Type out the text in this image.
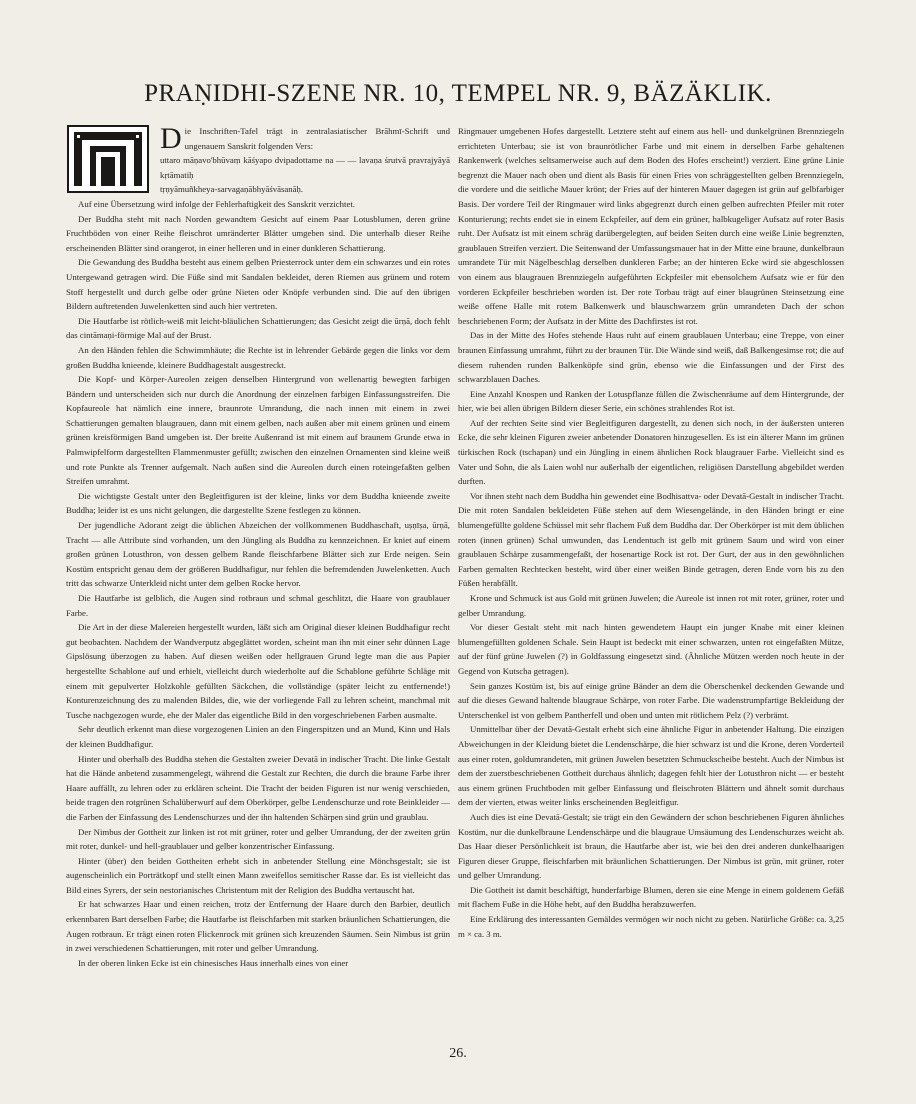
PRAṆIDHI-SZENE NR. 10, TEMPEL NR. 9, BÄZÄKLIK.
D ie Inschriften-Tafel trägt in zentralasiatischer Brāhmī-Schrift und ungenauem Sanskrit folgenden Vers:

uttaro māṇavo'bhūvaṃ kāśyapo dvipadottame na — — lavaṇa śrutvā pravrajyāyā kṛtāmatiḥ

tṛṇyāmuñkheya-sarvagaṇābhyāśvāsanāḥ.

Auf eine Übersetzung wird infolge der Fehlerhaftigkeit des Sanskrit verzichtet.

Der Buddha steht mit nach Norden gewandtem Gesicht auf einem Paar Lotusblumen, deren grüne Fruchtböden von einer Reihe fleischrot umränderter Blätter umgeben sind. Die unterhalb dieser Reihe erscheinenden Blätter sind orangerot, in einer helleren und in einer dunkleren Schattierung.

Die Gewandung des Buddha besteht aus einem gelben Priesterrock unter dem ein schwarzes und ein rotes Untergewand getragen wird. Die Füße sind mit Sandalen bekleidet, deren Riemen aus grünem und rotem Stoff hergestellt und durch gelbe oder grüne Nieten oder Knöpfe verbunden sind. Die auf den übrigen Bildern auftretenden Juwelenketten sind auch hier vertreten.

Die Hautfarbe ist rötlich-weiß mit leicht-bläulichen Schattierungen; das Gesicht zeigt die ūrṇā, doch fehlt das cintāmaṇi-förmige Mal auf der Brust.

An den Händen fehlen die Schwimmhäute; die Rechte ist in lehrender Gebärde gegen die links vor dem großen Buddha knieende, kleinere Buddhagestalt ausgestreckt.

Die Kopf- und Körper-Aureolen zeigen denselben Hintergrund von wellenartig bewegten farbigen Bändern und unterscheiden sich nur durch die Anordnung der einzelnen farbigen Einfassungsstreifen. Die Kopfaureole hat nämlich eine innere, braunrote Umrandung, die nach innen mit einem in zwei Schattierungen gemalten blaugrauen, dann mit einem gelben, nach außen aber mit einem grünen und einem grünen kreisförmigen Band umgeben ist. Der breite Außenrand ist mit einem auf braunem Grunde etwa in Palmwipfelform dargestellten Flammenmuster gefüllt; zwischen den einzelnen Ornamenten sind kleine weiß und rote Punkte als Trenner aufgemalt. Nach außen sind die Aureolen durch einen roteingefaßten gelben Streifen umrahmt.

Die wichtigste Gestalt unter den Begleitfiguren ist der kleine, links vor dem Buddha knieende zweite Buddha; leider ist es uns nicht gelungen, die dargestellte Szene festlegen zu können.

Der jugendliche Adorant zeigt die üblichen Abzeichen der vollkommenen Buddhaschaft, uṣṇīṣa, ūrṇā, Tracht — alle Attribute sind vorhanden, um den Jüngling als Buddha zu kennzeichnen. Er kniet auf einem großen grünen Lotusthron, von dessen gelbem Rande fleischfarbene Blätter sich zur Erde neigen. Sein Kostüm entspricht genau dem der größeren Buddhafigur, nur fehlen die befremdenden Juwelenketten. Auch tritt das schwarze Unterkleid nicht unter dem gelben Rocke hervor.

Die Hautfarbe ist gelblich, die Augen sind rotbraun und schmal geschlitzt, die Haare von graublauer Farbe.

Die Art in der diese Malereien hergestellt wurden, läßt sich am Original dieser kleinen Buddhafigur recht gut beobachten. Nachdem der Wandverputz abgeglättet worden, scheint man ihn mit einer sehr dünnen Lage Gipslösung überzogen zu haben. Auf diesen weißen oder hellgrauen Grund legte man die aus Papier hergestellte Schablone auf und erhielt, vielleicht durch wiederholte auf die Schablone geführte Schläge mit einem mit gepulverter Holzkohle gefüllten Säckchen, die vollständige (später leicht zu entfernende!) Konturenzeichnung des zu malenden Bildes, die, wie der vorliegende Fall zu lehren scheint, manchmal mit Tusche nachgezogen wurde, ehe der Maler das eigentliche Bild in den vorgeschriebenen Farben ausmalte.

Sehr deutlich erkennt man diese vorgezogenen Linien an den Fingerspitzen und an Mund, Kinn und Hals der kleinen Buddhafigur.

Hinter und oberhalb des Buddha stehen die Gestalten zweier Devatā in indischer Tracht. Die linke Gestalt hat die Hände anbetend zusammengelegt, während die Gestalt zur Rechten, die durch die braune Farbe ihrer Haare auffällt, zu lehren oder zu erklären scheint. Die Tracht der beiden Figuren ist nur wenig verschieden, beide tragen den rotgrünen Schalüberwurf auf dem Oberkörper, gelbe Lendenschurze und rote Beinkleider — die Farben der Einfassung des Lendenschurzes und der ihn haltenden Schärpen sind grün und graublau.

Der Nimbus der Gottheit zur linken ist rot mit grüner, roter und gelber Umrandung, der der zweiten grün mit roter, dunkel- und hell-graublauer und gelber konzentrischer Einfassung.

Hinter (über) den beiden Gottheiten erhebt sich in anbetender Stellung eine Mönchsgestalt; sie ist augenscheinlich ein Porträtkopf und stellt einen Mann zweifellos semitischer Rasse dar. Es ist vielleicht das Bild eines Syrers, der sein nestorianisches Christentum mit der Religion des Buddha vertauscht hat.

Er hat schwarzes Haar und einen reichen, trotz der Entfernung der Haare durch den Barbier, deutlich erkennbaren Bart derselben Farbe; die Hautfarbe ist fleischfarben mit starken bräunlichen Schattierungen, die Augen rotbraun. Er trägt einen roten Flickenrock mit grünen sich kreuzenden Säumen. Sein Nimbus ist grün in zwei verschiedenen Schattierungen, mit roter und gelber Umrandung.

In der oberen linken Ecke ist ein chinesisches Haus innerhalb eines von einer

Ringmauer umgebenen Hofes dargestellt. Letztere steht auf einem aus hell- und dunkelgrünen Brennziegeln errichteten Unterbau; sie ist von braunrötlicher Farbe und mit einem in derselben Farbe gehaltenen Rankenwerk (welches seltsamerweise auch auf dem Boden des Hofes erscheint!) verziert. Eine grüne Linie begrenzt die Mauer nach oben und dient als Basis für einen Fries von schräggestellten gelben Brennziegeln, die vordere und die seitliche Mauer krönt; der Fries auf der hinteren Mauer dagegen ist grün auf gelbfarbiger Basis. Der vordere Teil der Ringmauer wird links abgegrenzt durch einen gelben aufrechten Pfeiler mit roter Konturierung; rechts endet sie in einem Eckpfeiler, auf dem ein grüner, halbkugeliger Aufsatz auf roter Basis ruht. Der Aufsatz ist mit einem schräg darübergelegten, auf beiden Seiten durch eine weiße Linie begrenzten, graublauen Streifen verziert. Die Seitenwand der Umfassungsmauer hat in der Mitte eine braune, dunkelbraun umrandete Tür mit Nägelbeschlag derselben dunkleren Farbe; an der hinteren Ecke wird sie abgeschlossen von einem aus blaugrauen Brennziegeln aufgeführten Eckpfeiler mit ebensolchem Aufsatz wie er für den vorderen Eckpfeiler beschrieben worden ist. Der rote Torbau trägt auf einer blaugrünen Steinsetzung eine weiße offene Halle mit rotem Balkenwerk und blauschwarzem grün umrandeten Dach der schon beschriebenen Form; der Aufsatz in der Mitte des Dachfirstes ist rot.

Das in der Mitte des Hofes stehende Haus ruht auf einem graublauen Unterbau; eine Treppe, von einer braunen Einfassung umrahmt, führt zu der braunen Tür. Die Wände sind weiß, daß Balkengesimse rot; die auf diesem ruhenden runden Balkenköpfe sind grün, ebenso wie die Einfassungen und der First des schwarzblauen Daches.

Eine Anzahl Knospen und Ranken der Lotuspflanze füllen die Zwischenräume auf dem Hintergrunde, der hier, wie bei allen übrigen Bildern dieser Serie, ein schönes strahlendes Rot ist.

Auf der rechten Seite sind vier Begleitfiguren dargestellt, zu denen sich noch, in der äußersten unteren Ecke, die sehr kleinen Figuren zweier anbetender Donatoren hinzugesellen. Es ist ein älterer Mann im grünen türkischen Rock (tschapan) und ein Jüngling in einem ähnlichen Rock blaugrauer Farbe. Vielleicht sind es Vater und Sohn, die als Laien wohl nur außerhalb der eigentlichen, religiösen Darstellung abgebildet werden durften.

Vor ihnen steht nach dem Buddha hin gewendet eine Bodhisattva- oder Devatā-Gestalt in indischer Tracht. Die mit roten Sandalen bekleideten Füße stehen auf dem Wiesengelände, in den Händen bringt er eine blumengefüllte goldene Schüssel mit sehr flachem Fuß dem Buddha dar. Der Oberkörper ist mit dem üblichen roten (innen grünen) Schal umwunden, das Lendentuch ist gelb mit grünem Saum und wird von einer graublauen Schärpe zusammengefaßt, der hosenartige Rock ist rot. Der Gurt, der aus in den gewöhnlichen Farben gemalten Rechtecken besteht, wird über einer weißen Binde getragen, deren Ende vorn bis zu den Füßen herabfällt.

Krone und Schmuck ist aus Gold mit grünen Juwelen; die Aureole ist innen rot mit roter, grüner, roter und gelber Umrandung.

Vor dieser Gestalt steht mit nach hinten gewendetem Haupt ein junger Knabe mit einer kleinen blumengefüllten goldenen Schale. Sein Haupt ist bedeckt mit einer schwarzen, unten rot eingefaßten Mütze, auf der fünf grüne Juwelen (?) in Goldfassung eingesetzt sind. (Ähnliche Mützen werden noch heute in der Gegend von Kutscha getragen).

Sein ganzes Kostüm ist, bis auf einige grüne Bänder an dem die Oberschenkel deckenden Gewande und auf die dieses Gewand haltende blaugraue Schärpe, von roter Farbe. Die wadenstrumpfartige Bekleidung der Unterschenkel ist von gelbem Pantherfell und oben und unten mit rötlichem Pelz (?) verbrämt.

Unmittelbar über der Devatā-Gestalt erhebt sich eine ähnliche Figur in anbetender Haltung. Die einzigen Abweichungen in der Kleidung bietet die Lendenschärpe, die hier schwarz ist und die Krone, deren Vorderteil aus einer roten, goldumrandeten, mit grünen Juwelen besetzten Schmuckscheibe besteht. Auch der Nimbus ist dem der zuerstbeschriebenen Gottheit durchaus ähnlich; dagegen fehlt hier der Lotusthron nicht — er besteht aus einem grünen Fruchtboden mit gelber Einfassung und fleischroten Blättern und ähnelt somit durchaus dem der vierten, etwas weiter links erscheinenden Begleitfigur.

Auch dies ist eine Devatā-Gestalt; sie trägt ein den Gewändern der schon beschriebenen Figuren ähnliches Kostüm, nur die dunkelbraune Lendenschärpe und die blaugraue Umsäumung des Lendenschurzes weicht ab. Das Haar dieser Persönlichkeit ist braun, die Hautfarbe aber ist, wie bei den drei anderen dunkelhaarigen Figuren dieser Gruppe, fleischfarben mit bräunlichen Schattierungen. Der Nimbus ist grün, mit grüner, roter und gelber Umrandung.

Die Gottheit ist damit beschäftigt, hunderfarbige Blumen, deren sie eine Menge in einem goldenem Gefäß mit flachem Fuße in die Höhe hebt, auf den Buddha herabzuwerfen.

Eine Erklärung des interessanten Gemäldes vermögen wir noch nicht zu geben. Natürliche Größe: ca. 3,25 m × ca. 3 m.

26.
